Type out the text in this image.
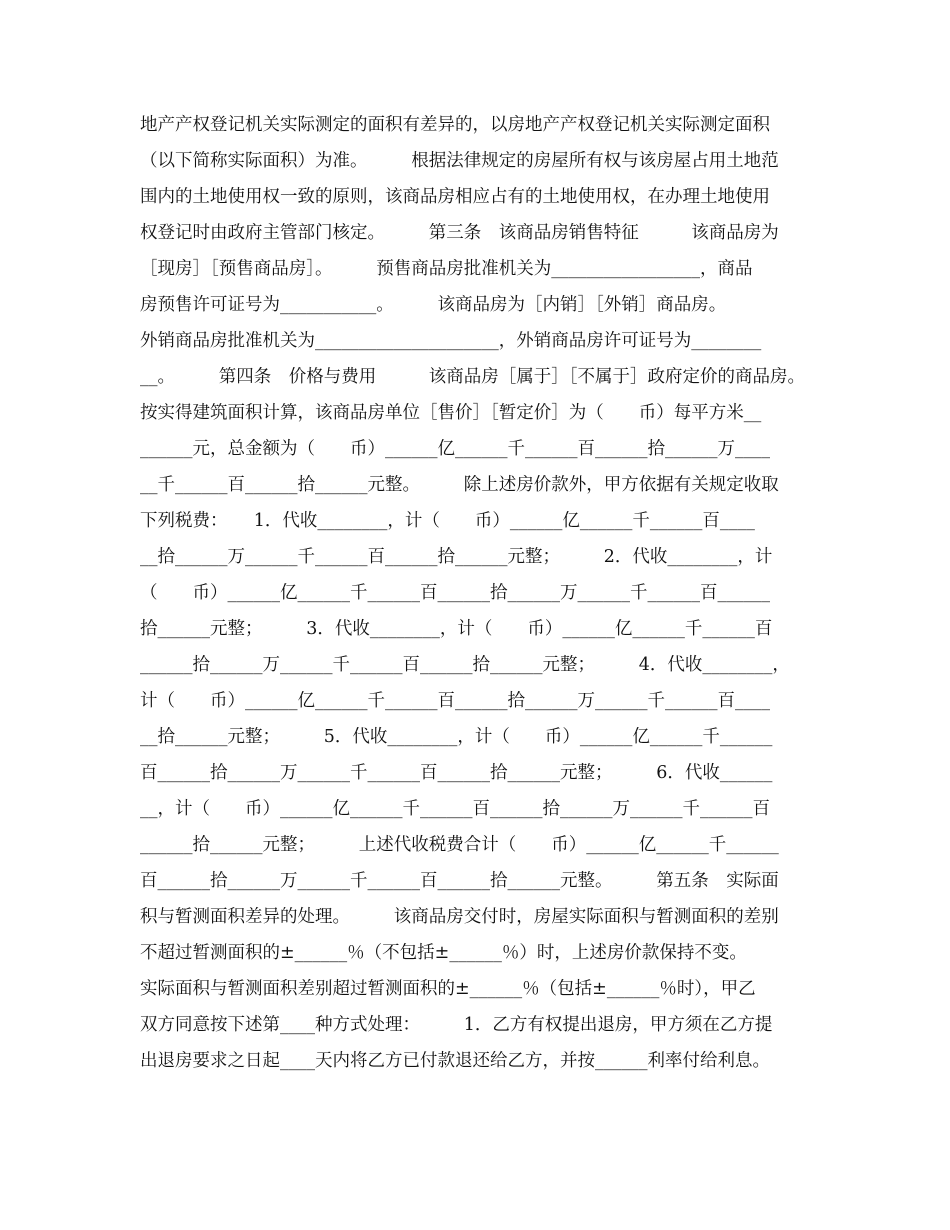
地产产权登记机关实际测定的面积有差异的，以房地产产权登记机关实际测定面积
（以下简称实际面积）为准。　　　根据法律规定的房屋所有权与该房屋占用土地范
围内的土地使用权一致的原则，该商品房相应占有的土地使用权，在办理土地使用
权登记时由政府主管部门核定。　　　第三条　该商品房销售特征　　　该商品房为
［现房］［预售商品房］。　　　预售商品房批准机关为_________________，商品
房预售许可证号为___________。　　　该商品房为［内销］［外销］商品房。
外销商品房批准机关为_____________________，外销商品房许可证号为________
__。　　　第四条　价格与费用　　　该商品房［属于］［不属于］政府定价的商品房。
按实得建筑面积计算，该商品房单位［售价］［暂定价］为（　　币）每平方米__
______元，总金额为（　　币）______亿______千______百______拾______万____
__千______百______拾______元整。　　　除上述房价款外，甲方依据有关规定收取
下列税费：　　1．代收________，计（　　币）______亿______千______百____
__拾______万______千______百______拾______元整；　　　2．代收________，计
（　　币）______亿______千______百______拾______万______千______百______
拾______元整；　　　3．代收________，计（　　币）______亿______千______百
______拾______万______千______百______拾______元整；　　　4．代收________，
计（　　币）______亿______千______百______拾______万______千______百____
__拾______元整；　　　5．代收________，计（　　币）______亿______千______
百______拾______万______千______百______拾______元整；　　　6．代收______
__，计（　　币）______亿______千______百______拾______万______千______百
______拾______元整；　　　上述代收税费合计（　　币）______亿______千______
百______拾______万______千______百______拾______元整。　　　第五条　实际面
积与暂测面积差异的处理。　　　该商品房交付时，房屋实际面积与暂测面积的差别
不超过暂测面积的±______％（不包括±______％）时，上述房价款保持不变。
实际面积与暂测面积差别超过暂测面积的±______％（包括±______％时），甲乙
双方同意按下述第____种方式处理：　　　1．乙方有权提出退房，甲方须在乙方提
出退房要求之日起____天内将乙方已付款退还给乙方，并按______利率付给利息。
